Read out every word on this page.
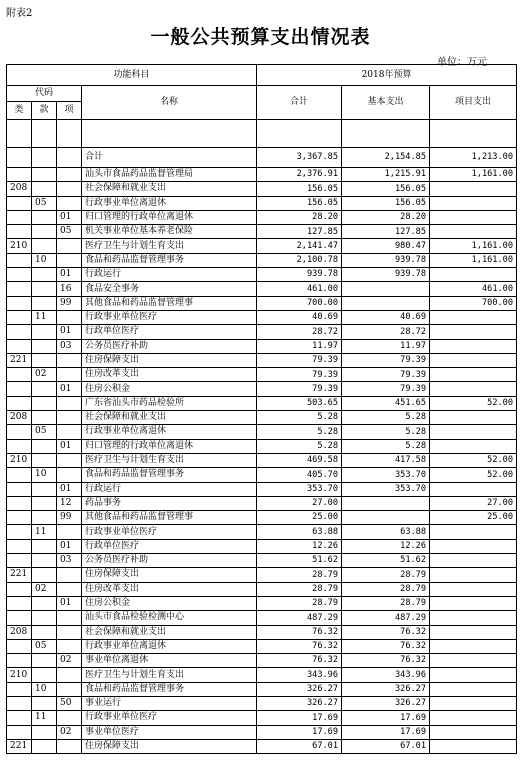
附表2
一般公共预算支出情况表
单位：万元
功能科目				2018年预算		
代码			名称	合计	基本支出	项目支出
类	款	项				

			合计	3,367.85	2,154.85	1,213.00
			汕头市食品药品监督管理局	2,376.91	1,215.91	1,161.00
208			社会保障和就业支出	156.05	156.05	
	05		行政事业单位离退休	156.05	156.05	
		01	归口管理的行政单位离退休	28.20	28.20	
		05	机关事业单位基本养老保险	127.85	127.85	
210			医疗卫生与计划生育支出	2,141.47	980.47	1,161.00
	10		食品和药品监督管理事务	2,100.78	939.78	1,161.00
		01	行政运行	939.78	939.78	
		16	食品安全事务	461.00		461.00
		99	其他食品和药品监督管理事	700.00		700.00
	11		行政事业单位医疗	40.69	40.69	
		01	行政单位医疗	28.72	28.72	
		03	公务员医疗补助	11.97	11.97	
221			住房保障支出	79.39	79.39	
	02		住房改革支出	79.39	79.39	
		01	住房公积金	79.39	79.39	
			广东省汕头市药品检验所	503.65	451.65	52.00
208			社会保障和就业支出	5.28	5.28	
	05		行政事业单位离退休	5.28	5.28	
		01	归口管理的行政单位离退休	5.28	5.28	
210			医疗卫生与计划生育支出	469.58	417.58	52.00
	10		食品和药品监督管理事务	405.70	353.70	52.00
		01	行政运行	353.70	353.70	
		12	药品事务	27.00		27.00
		99	其他食品和药品监督管理事	25.00		25.00
	11		行政事业单位医疗	63.88	63.88	
		01	行政单位医疗	12.26	12.26	
		03	公务员医疗补助	51.62	51.62	
221			住房保障支出	28.79	28.79	
	02		住房改革支出	28.79	28.79	
		01	住房公积金	28.79	28.79	
			汕头市食品检验检测中心	487.29	487.29	
208			社会保障和就业支出	76.32	76.32	
	05		行政事业单位离退休	76.32	76.32	
		02	事业单位离退休	76.32	76.32	
210			医疗卫生与计划生育支出	343.96	343.96	
	10		食品和药品监督管理事务	326.27	326.27	
		50	事业运行	326.27	326.27	
	11		行政事业单位医疗	17.69	17.69	
		02	事业单位医疗	17.69	17.69	
221			住房保障支出	67.01	67.01	
